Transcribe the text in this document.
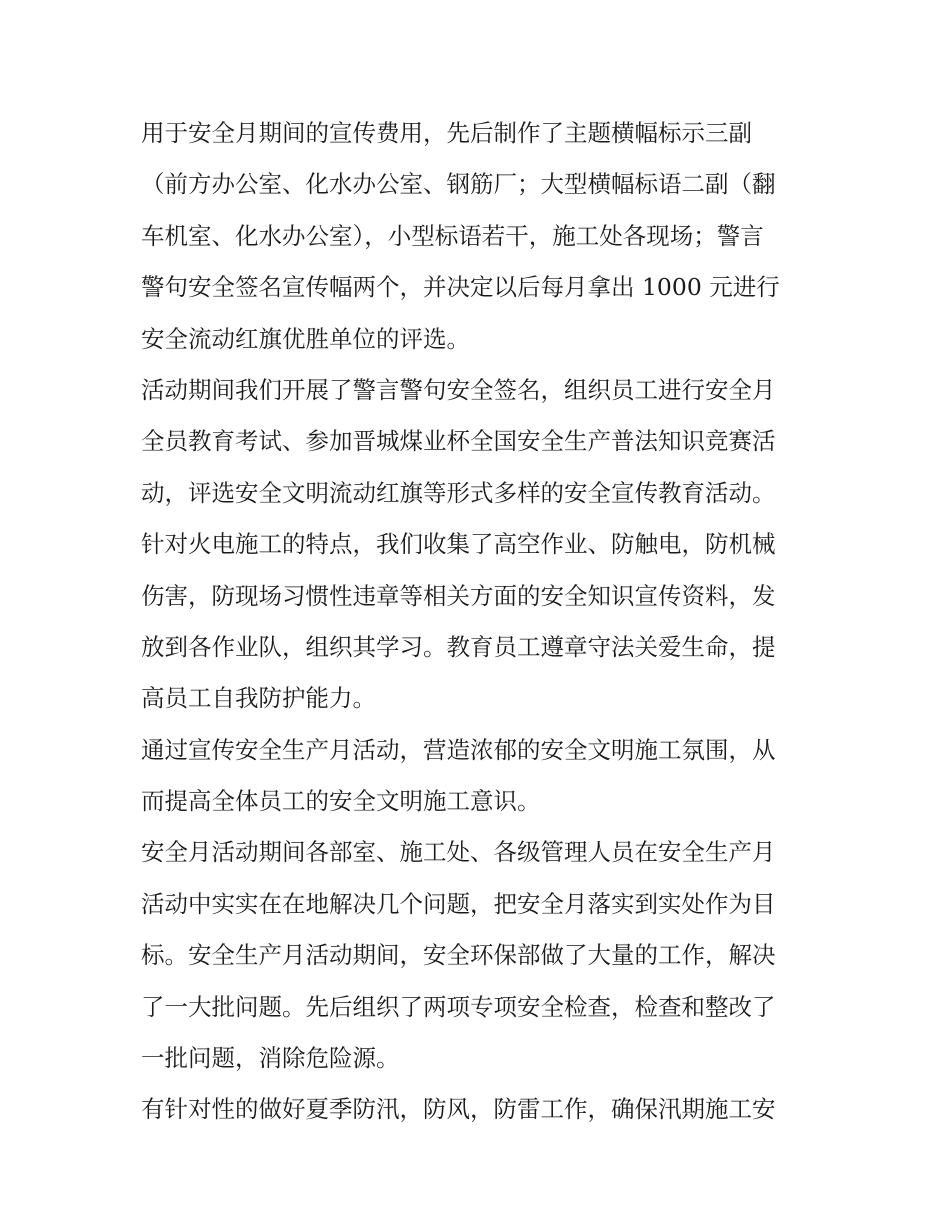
用于安全月期间的宣传费用，先后制作了主题横幅标示三副
（前方办公室、化水办公室、钢筋厂；大型横幅标语二副（翻
车机室、化水办公室），小型标语若干，施工处各现场；警言
警句安全签名宣传幅两个，并决定以后每月拿出 1000 元进行
安全流动红旗优胜单位的评选。
活动期间我们开展了警言警句安全签名，组织员工进行安全月
全员教育考试、参加晋城煤业杯全国安全生产普法知识竞赛活
动，评选安全文明流动红旗等形式多样的安全宣传教育活动。
针对火电施工的特点，我们收集了高空作业、防触电，防机械
伤害，防现场习惯性违章等相关方面的安全知识宣传资料，发
放到各作业队，组织其学习。教育员工遵章守法关爱生命，提
高员工自我防护能力。
通过宣传安全生产月活动，营造浓郁的安全文明施工氛围，从
而提高全体员工的安全文明施工意识。
安全月活动期间各部室、施工处、各级管理人员在安全生产月
活动中实实在在地解决几个问题，把安全月落实到实处作为目
标。安全生产月活动期间，安全环保部做了大量的工作，解决
了一大批问题。先后组织了两项专项安全检查，检查和整改了
一批问题，消除危险源。
有针对性的做好夏季防汛，防风，防雷工作，确保汛期施工安
